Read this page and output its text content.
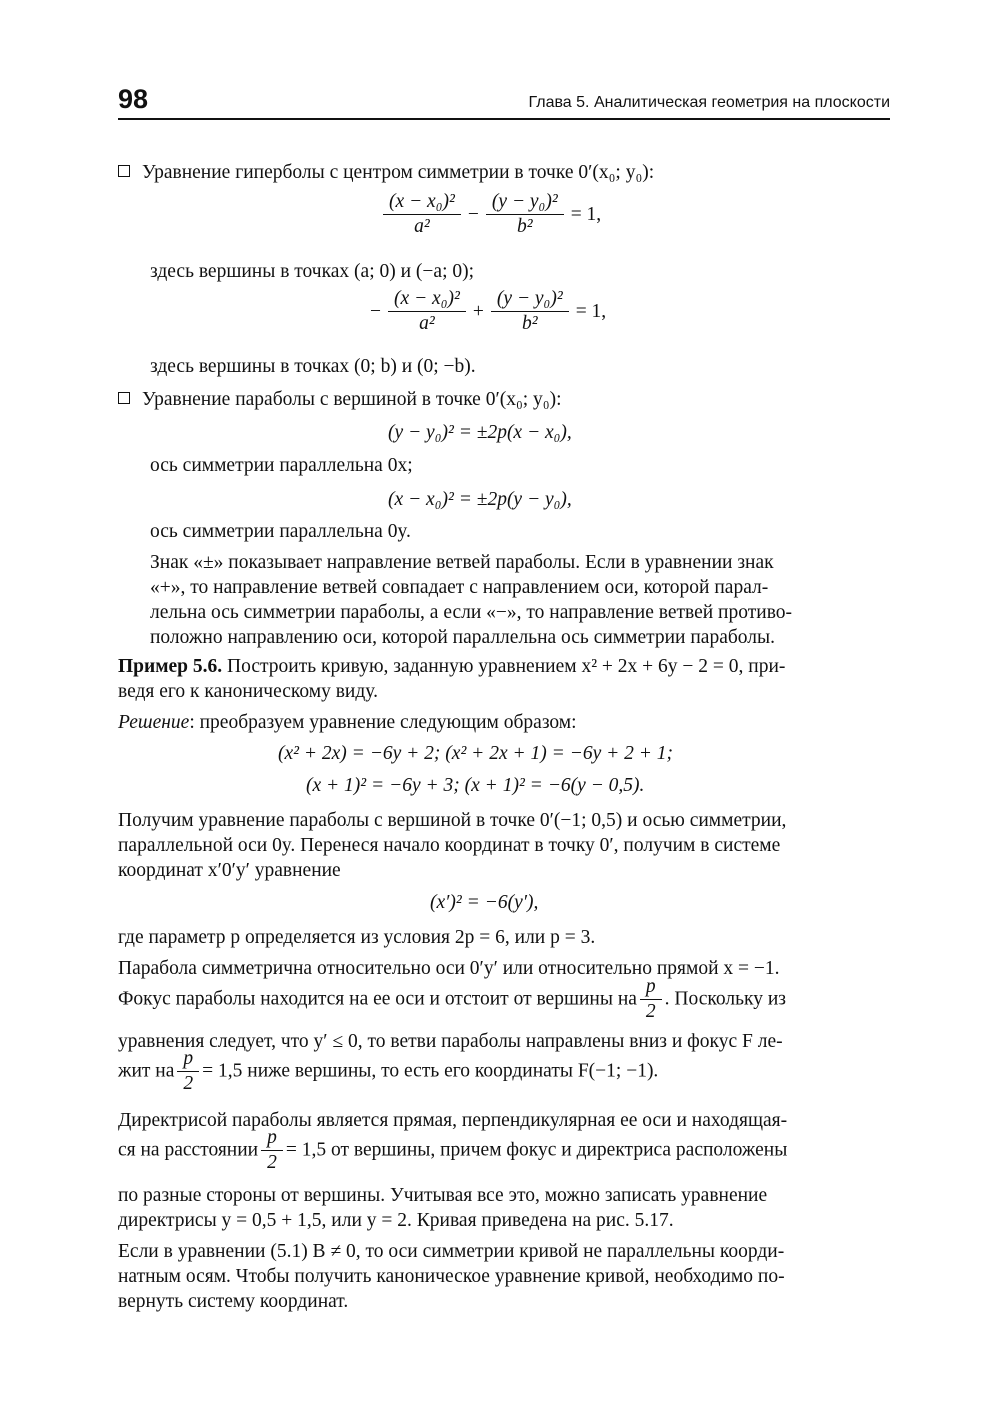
98	Глава 5. Аналитическая геометрия на плоскости
Уравнение гиперболы с центром симметрии в точке 0′(x₀; y₀):
$\frac{\text{(x − x₀)²}}{\text{a²}} - \frac{\text{(y − y₀)²}}{\text{b²}} = 1$,
здесь вершины в точках (a; 0) и (−a; 0);
− $\frac{\text{(x − x₀)²}}{\text{a²}} + \frac{\text{(y − y₀)²}}{\text{b²}} = 1$,
здесь вершины в точках (0; b) и (0; −b).
Уравнение параболы с вершиной в точке 0′(x₀; y₀):
(y − y₀)² = ±2p(x − x₀),
ось симметрии параллельна 0x;
(x − x₀)² = ±2p(y − y₀),
ось симметрии параллельна 0y.
Знак «±» показывает направление ветвей параболы. Если в уравнении знак
«+», то направление ветвей совпадает с направлением оси, которой парал-
лельна ось симметрии параболы, а если «−», то направление ветвей противо-
положно направлению оси, которой параллельна ось симметрии параболы.
Пример 5.6. Построить кривую, заданную уравнением x² + 2x + 6y − 2 = 0, при-
ведя его к каноническому виду.
Решение: преобразуем уравнение следующим образом:
(x² + 2x) = −6y + 2; (x² + 2x + 1) = −6y + 2 + 1;
(x + 1)² = −6y + 3; (x + 1)² = −6(y − 0,5).
Получим уравнение параболы с вершиной в точке 0′(−1; 0,5) и осью симметрии,
параллельной оси 0y. Перенеся начало координат в точку 0′, получим в системе
координат x′0′y′ уравнение
(x′)² = −6(y′),
где параметр p определяется из условия 2p = 6, или p = 3.
Парабола симметрична относительно оси 0′y′ или относительно прямой x = −1.
Фокус параболы находится на ее оси и отстоит от вершины на $\frac{p}{2}$ . Поскольку из
уравнения следует, что y′ ≤ 0, то ветви параболы направлены вниз и фокус F ле-
жит на $\frac{p}{2} = 1,5$ ниже вершины, то есть его координаты F(−1; −1).
Директрисой параболы является прямая, перпендикулярная ее оси и находящая-
ся на расстоянии $\frac{p}{2} = 1,5$ от вершины, причем фокус и директриса расположены
по разные стороны от вершины. Учитывая все это, можно записать уравнение
директрисы y = 0,5 + 1,5, или y = 2. Кривая приведена на рис. 5.17.
Если в уравнении (5.1) B ≠ 0, то оси симметрии кривой не параллельны коорди-
натным осям. Чтобы получить каноническое уравнение кривой, необходимо по-
вернуть систему координат.
